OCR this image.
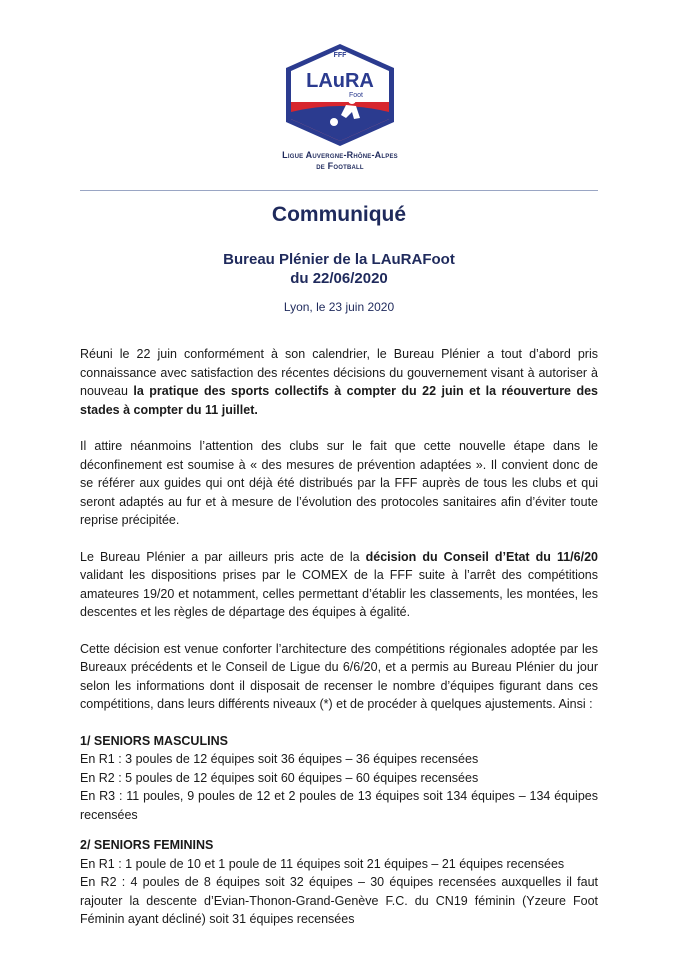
FFF
LAuRA
Foot
Ligue Auvergne-Rhône-Alpes
de Football
Communiqué
Bureau Plénier de la LAuRAFoot
du 22/06/2020
Lyon, le 23 juin 2020

Réuni le 22 juin conformément à son calendrier, le Bureau Plénier a tout d’abord pris connaissance avec satisfaction des récentes décisions du gouvernement visant à autoriser à nouveau la pratique des sports collectifs à compter du 22 juin et la réouverture des stades à compter du 11 juillet.

Il attire néanmoins l’attention des clubs sur le fait que cette nouvelle étape dans le déconfinement est soumise à « des mesures de prévention adaptées ». Il convient donc de se référer aux guides qui ont déjà été distribués par la FFF auprès de tous les clubs et qui seront adaptés au fur et à mesure de l’évolution des protocoles sanitaires afin d’éviter toute reprise précipitée.

Le Bureau Plénier a par ailleurs pris acte de la décision du Conseil d’Etat du 11/6/20 validant les dispositions prises par le COMEX de la FFF suite à l’arrêt des compétitions amateures 19/20 et notamment, celles permettant d’établir les classements, les montées, les descentes et les règles de départage des équipes à égalité.

Cette décision est venue conforter l’architecture des compétitions régionales adoptée par les Bureaux précédents et le Conseil de Ligue du 6/6/20, et a permis au Bureau Plénier du jour selon les informations dont il disposait de recenser le nombre d’équipes figurant dans ces compétitions, dans leurs différents niveaux (*) et de procéder à quelques ajustements. Ainsi :

1/ SENIORS MASCULINS
En R1 : 3 poules de 12 équipes soit 36 équipes – 36 équipes recensées
En R2 : 5 poules de 12 équipes soit 60 équipes – 60 équipes recensées
En R3 : 11 poules, 9 poules de 12 et 2 poules de 13 équipes soit 134 équipes – 134 équipes recensées
2/ SENIORS FEMININS
En R1 : 1 poule de 10 et 1 poule de 11 équipes soit 21 équipes – 21 équipes recensées
En R2 : 4 poules de 8 équipes soit 32 équipes – 30 équipes recensées auxquelles il faut rajouter la descente d’Evian-Thonon-Grand-Genève F.C. du CN19 féminin (Yzeure Foot Féminin ayant décliné) soit 31 équipes recensées
